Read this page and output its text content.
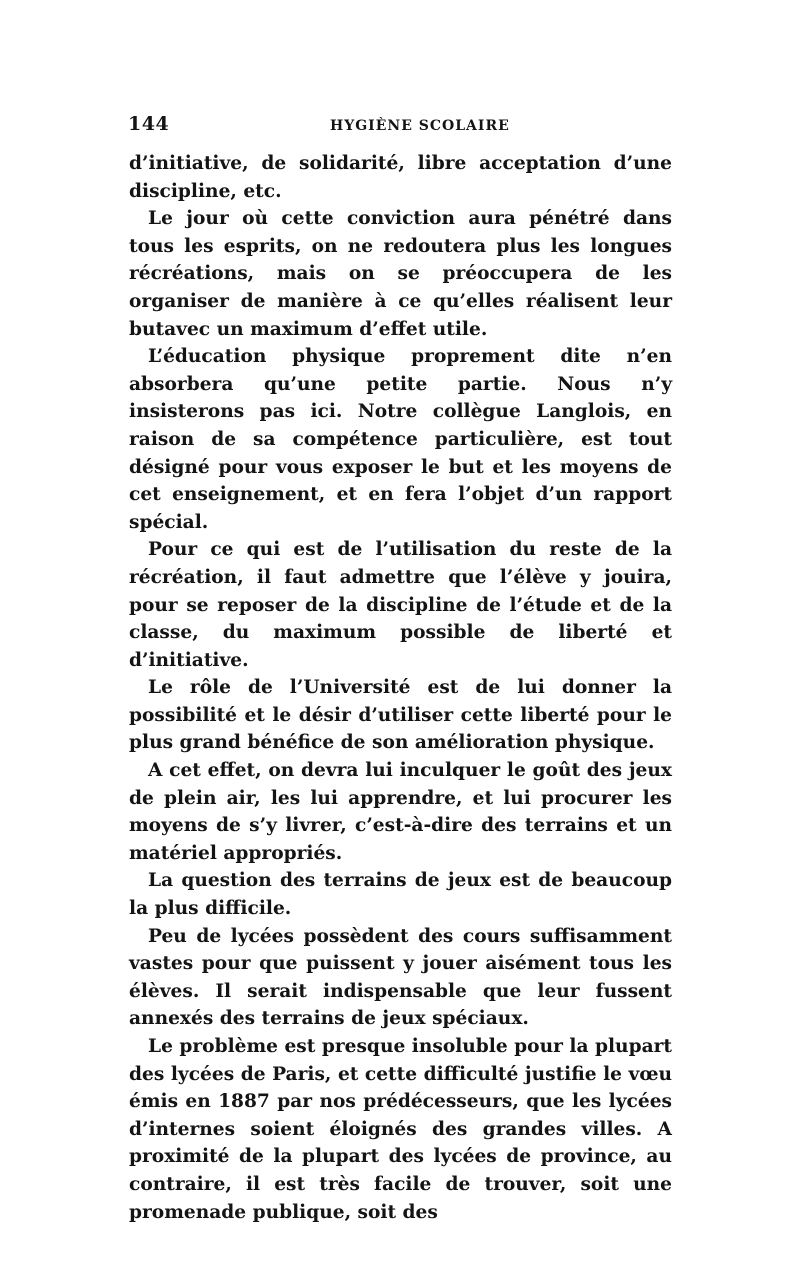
144	HYGIÈNE SCOLAIRE

d’initiative, de solidarité, libre acceptation d’une discipline, etc.

Le jour où cette conviction aura pénétré dans tous les esprits, on ne redoutera plus les longues récréations, mais on se préoccupera de les organiser de manière à ce qu’elles réalisent leur butavec un maximum d’effet utile.

L’éducation physique proprement dite n’en absorbera qu’une petite partie. Nous n’y insisterons pas ici. Notre collègue Langlois, en raison de sa compétence particulière, est tout désigné pour vous exposer le but et les moyens de cet enseignement, et en fera l’objet d’un rapport spécial.

Pour ce qui est de l’utilisation du reste de la récréation, il faut admettre que l’élève y jouira, pour se reposer de la discipline de l’étude et de la classe, du maximum possible de liberté et d’initiative.

Le rôle de l’Université est de lui donner la possibilité et le désir d’utiliser cette liberté pour le plus grand bénéfice de son amélioration physique.

A cet effet, on devra lui inculquer le goût des jeux de plein air, les lui apprendre, et lui procurer les moyens de s’y livrer, c’est-à-dire des terrains et un matériel appropriés.

La question des terrains de jeux est de beaucoup la plus difficile.

Peu de lycées possèdent des cours suffisamment vastes pour que puissent y jouer aisément tous les élèves. Il serait indispensable que leur fussent annexés des terrains de jeux spéciaux.

Le problème est presque insoluble pour la plupart des lycées de Paris, et cette difficulté justifie le vœu émis en 1887 par nos prédécesseurs, que les lycées d’internes soient éloignés des grandes villes. A proximité de la plupart des lycées de province, au contraire, il est très facile de trouver, soit une promenade publique, soit des
